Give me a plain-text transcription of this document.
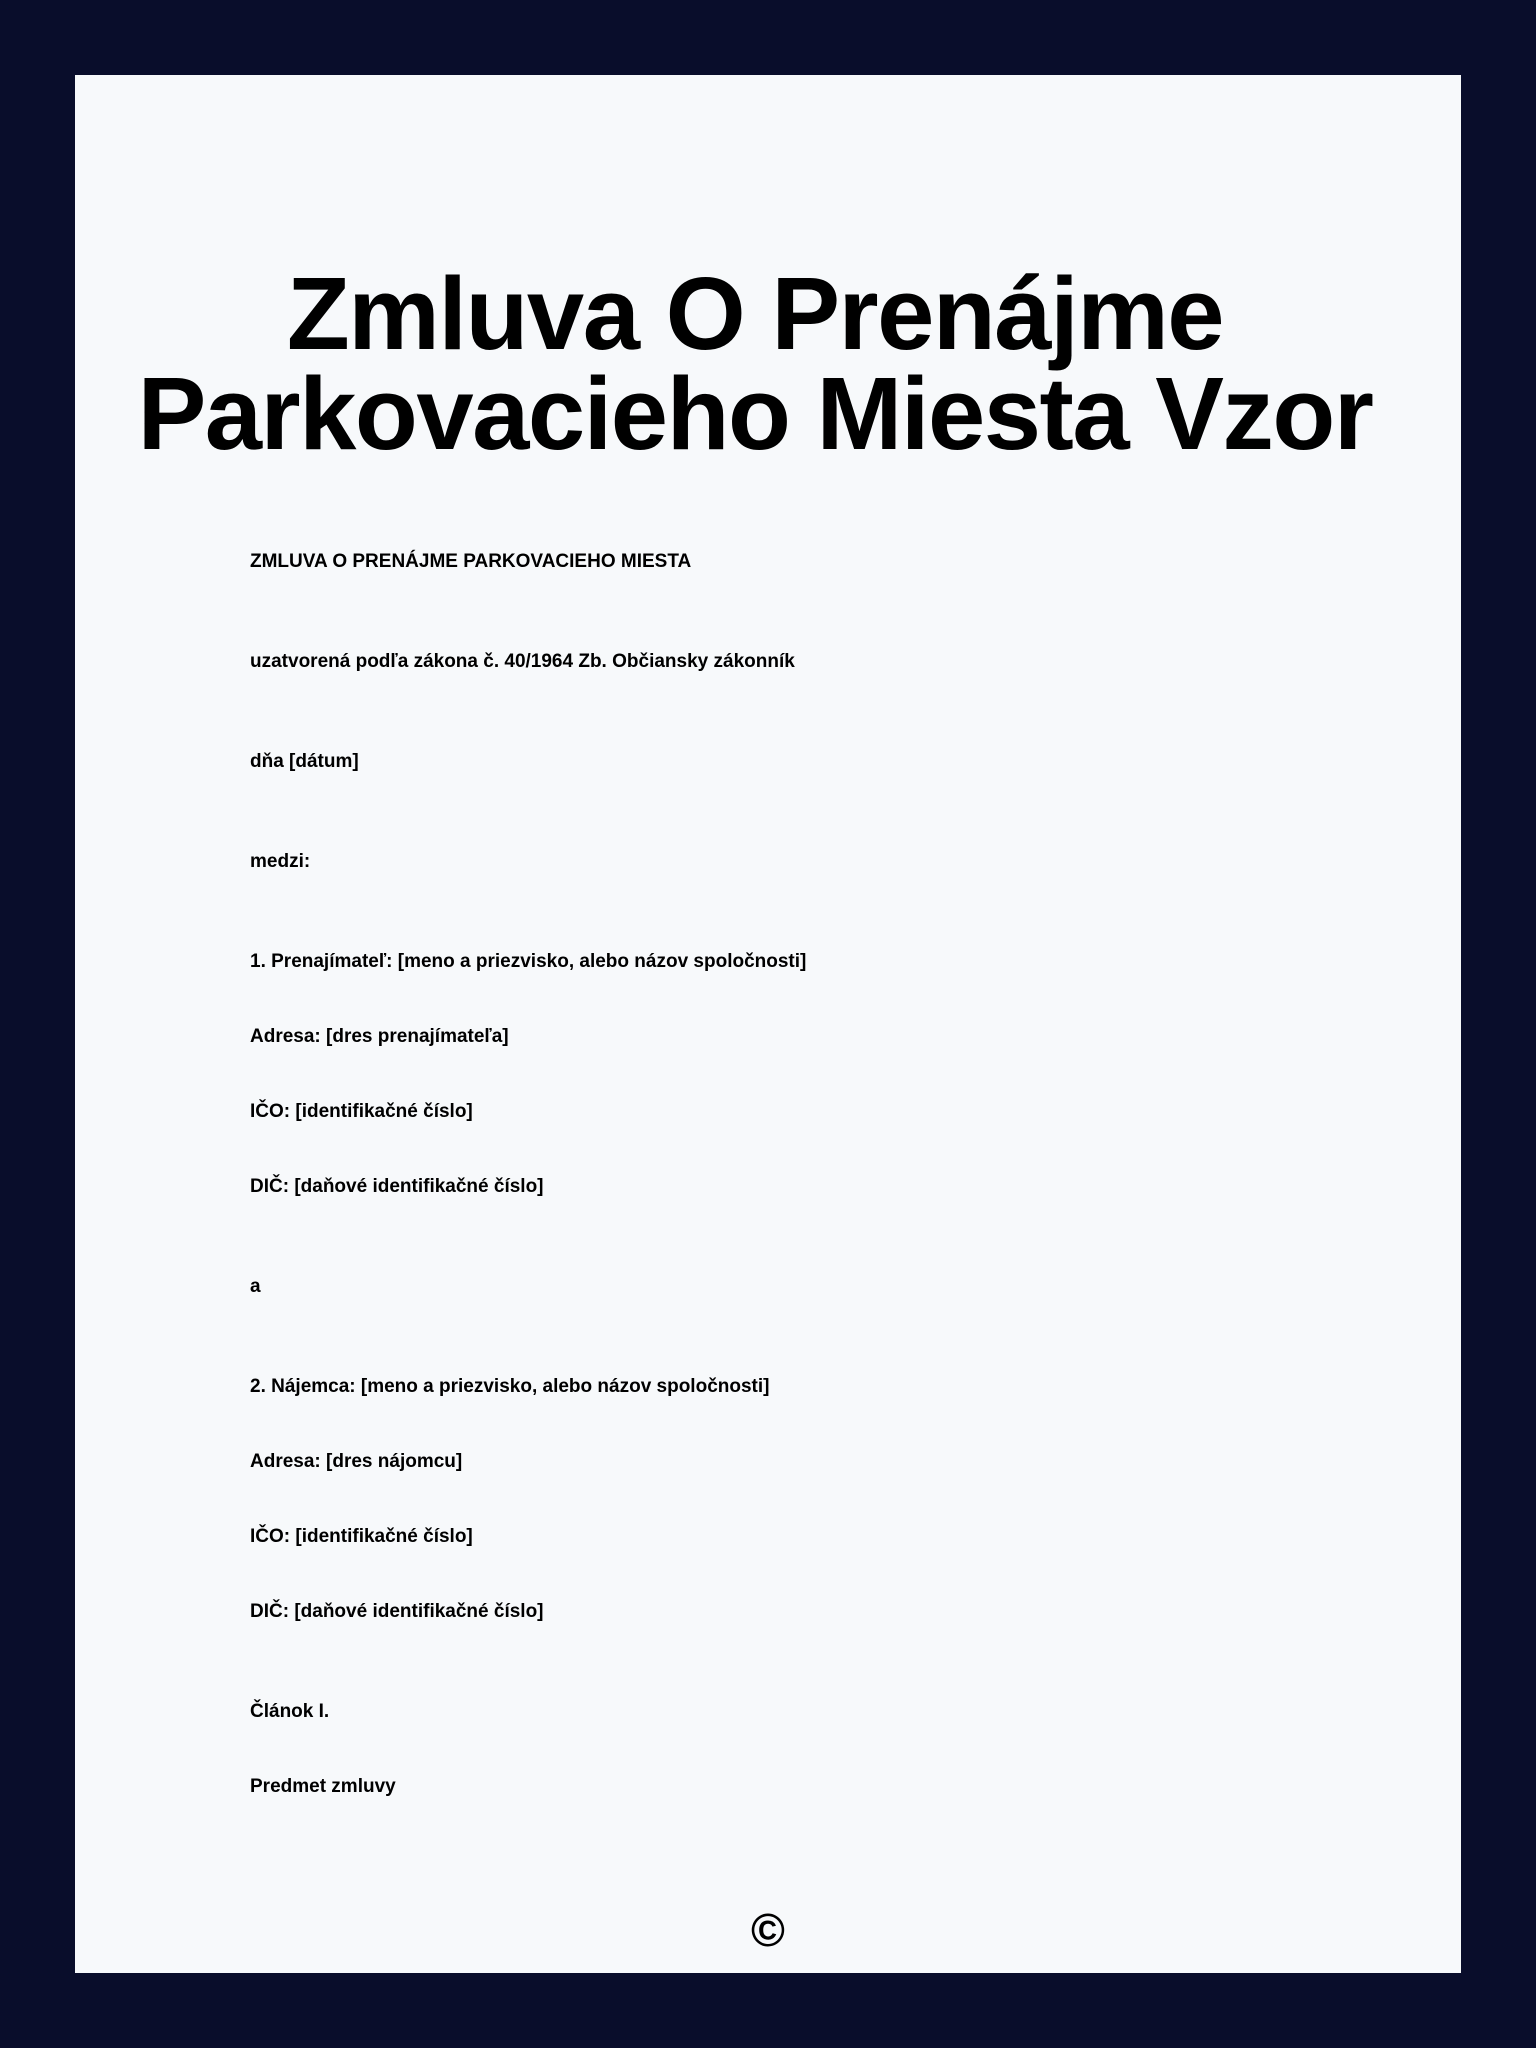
Zmluva O Prenájme
Parkovacieho Miesta Vzor

ZMLUVA O PRENÁJME PARKOVACIEHO MIESTA

uzatvorená podľa zákona č. 40/1964 Zb. Občiansky zákonník

dňa [dátum]

medzi:

1. Prenajímateľ: [meno a priezvisko, alebo názov spoločnosti]

Adresa: [dres prenajímateľa]

IČO: [identifikačné číslo]

DIČ: [daňové identifikačné číslo]

a

2. Nájemca: [meno a priezvisko, alebo názov spoločnosti]

Adresa: [dres nájomcu]

IČO: [identifikačné číslo]

DIČ: [daňové identifikačné číslo]

Článok I.

Predmet zmluvy

©
